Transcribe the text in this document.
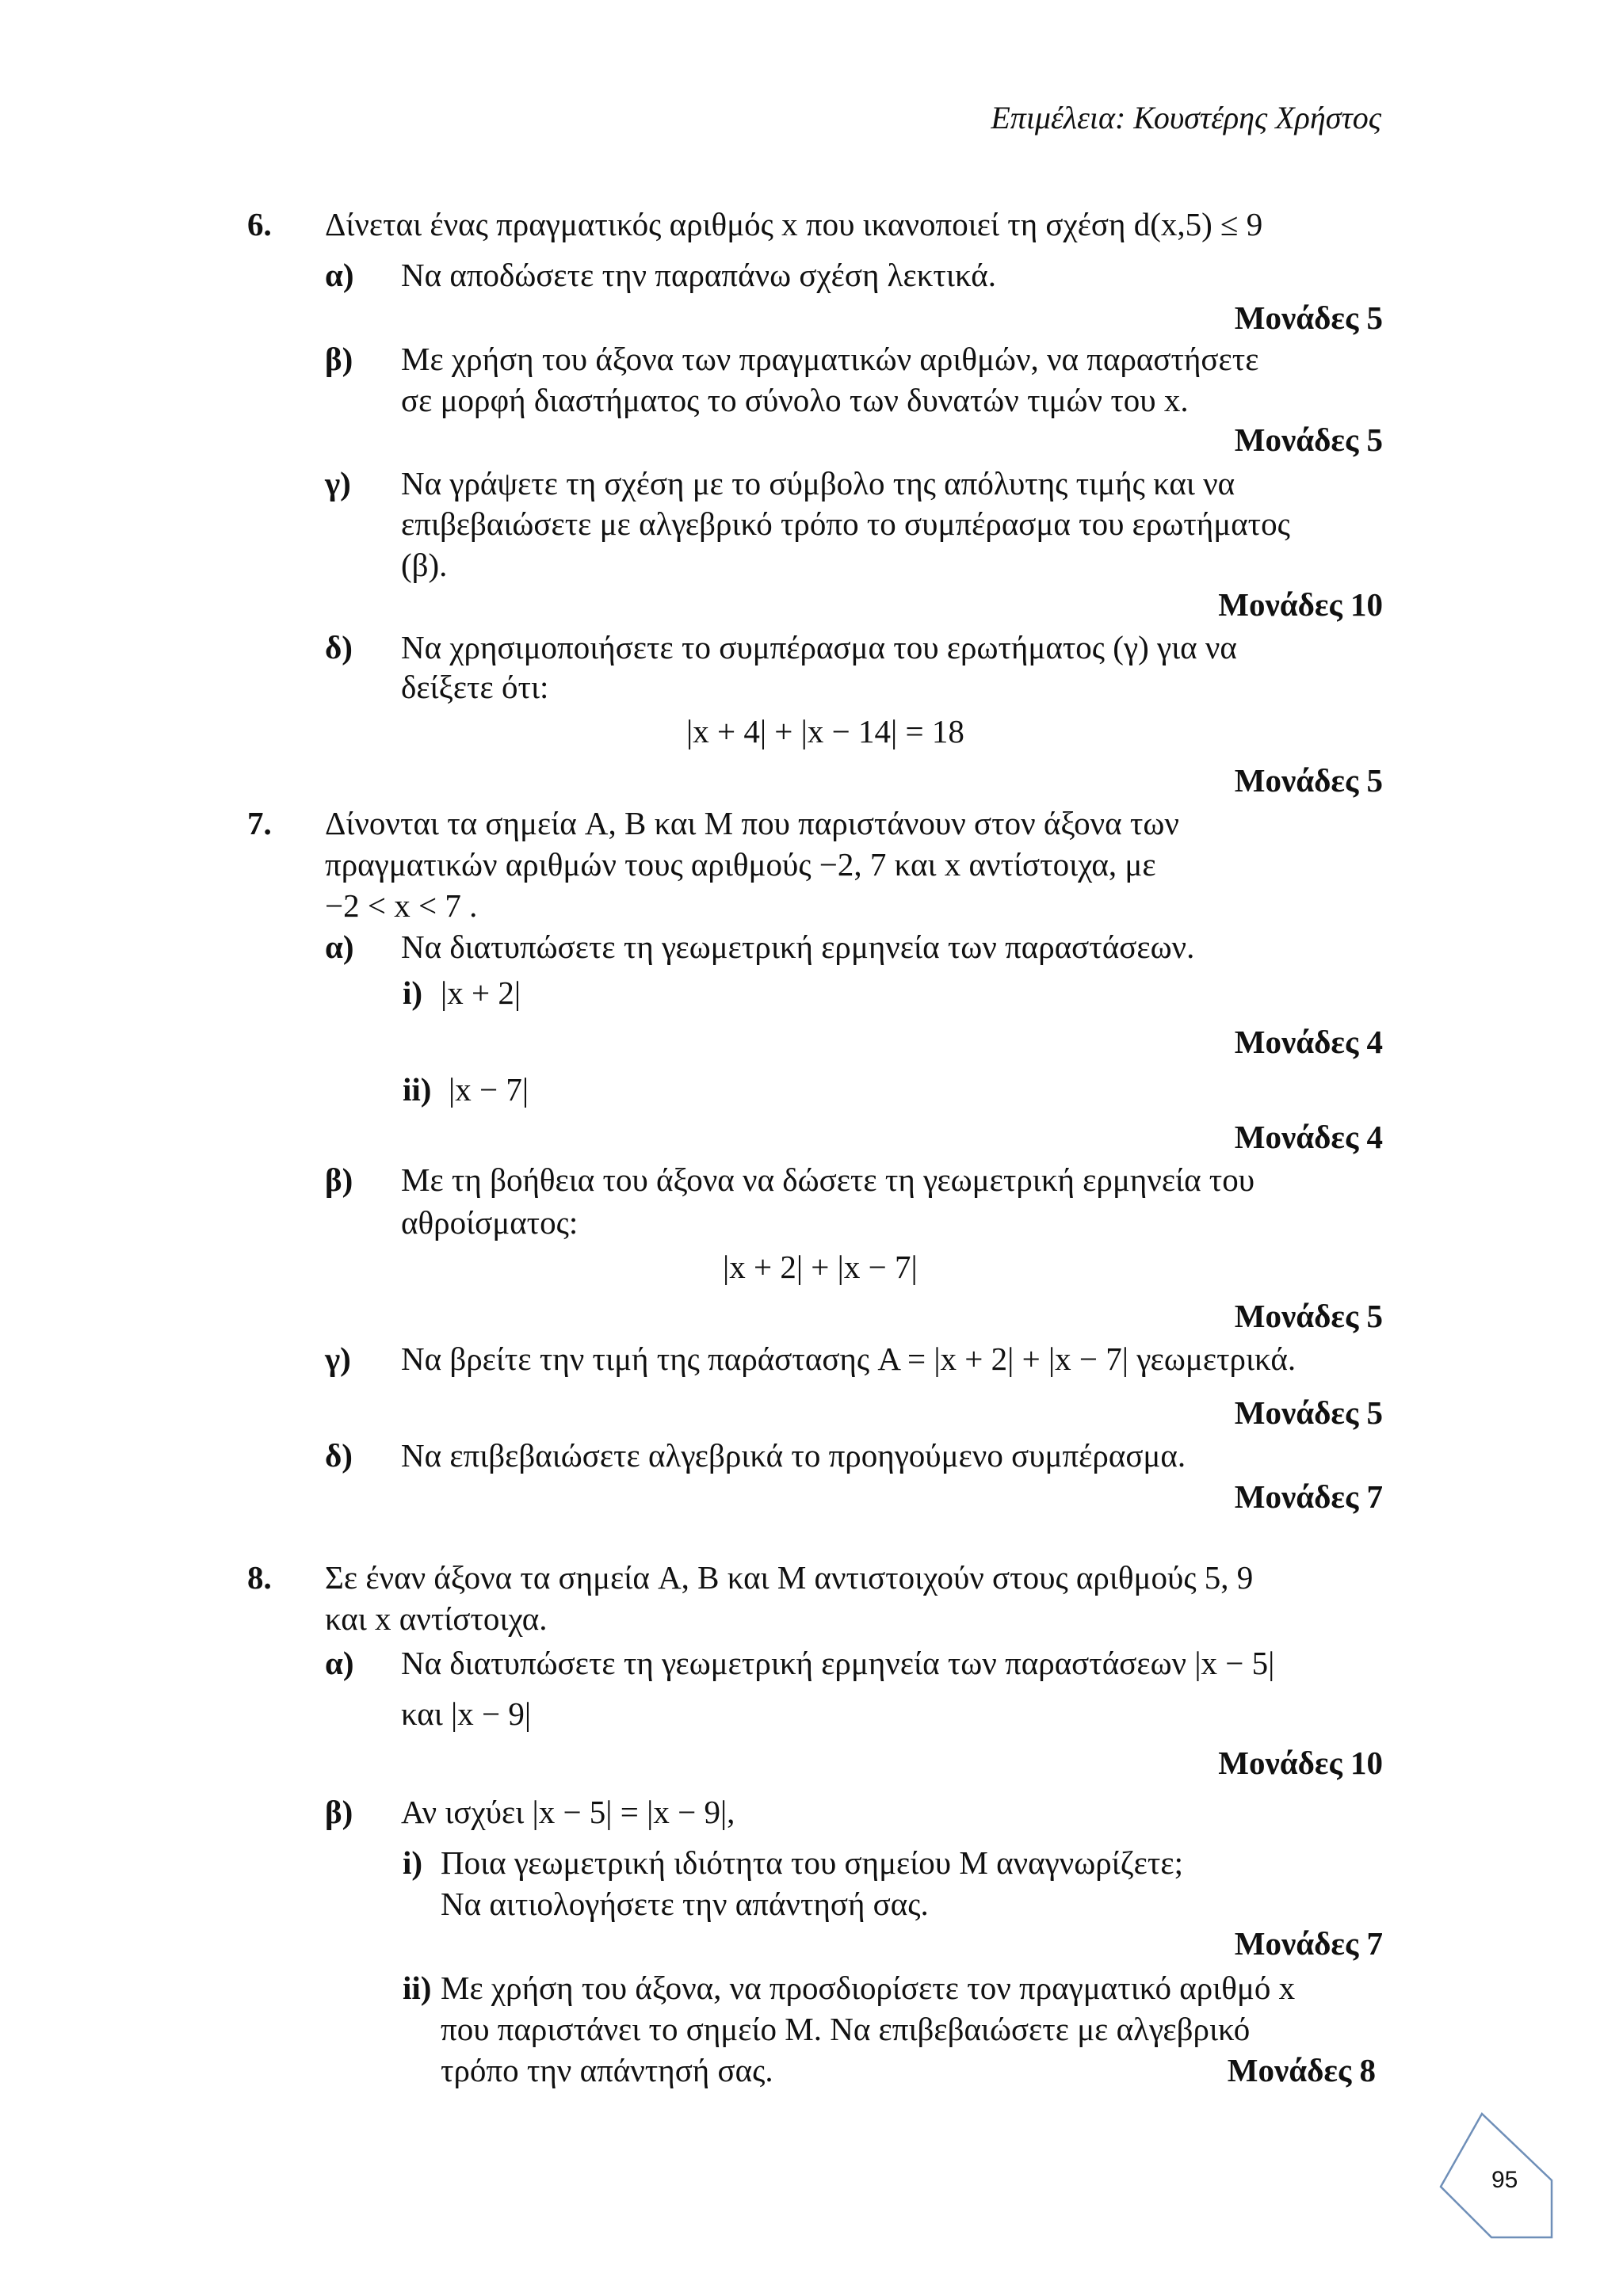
Επιμέλεια: Κουστέρης Χρήστος
6. Δίνεται ένας πραγματικός αριθμός x που ικανοποιεί τη σχέση d(x,5) ≤ 9
α) Να αποδώσετε την παραπάνω σχέση λεκτικά.
Μονάδες 5
β) Με χρήση του άξονα των πραγματικών αριθμών, να παραστήσετε
σε μορφή διαστήματος το σύνολο των δυνατών τιμών του x.
Μονάδες 5
γ) Να γράψετε τη σχέση με το σύμβολο της απόλυτης τιμής και να
επιβεβαιώσετε με αλγεβρικό τρόπο το συμπέρασμα του ερωτήματος
(β).
Μονάδες 10
δ) Να χρησιμοποιήσετε το συμπέρασμα του ερωτήματος (γ) για να
δείξετε ότι:
|x + 4| + |x − 14| = 18
Μονάδες 5
7. Δίνονται τα σημεία A, B και M που παριστάνουν στον άξονα των
πραγματικών αριθμών τους αριθμούς −2, 7 και x αντίστοιχα, με
−2 < x < 7 .
α) Να διατυπώσετε τη γεωμετρική ερμηνεία των παραστάσεων.
i) |x + 2|
Μονάδες 4
ii) |x − 7|
Μονάδες 4
β) Με τη βοήθεια του άξονα να δώσετε τη γεωμετρική ερμηνεία του
αθροίσματος:
|x + 2| + |x − 7|
Μονάδες 5
γ) Να βρείτε την τιμή της παράστασης A = |x + 2| + |x − 7| γεωμετρικά.
Μονάδες 5
δ) Να επιβεβαιώσετε αλγεβρικά το προηγούμενο συμπέρασμα.
Μονάδες 7
8. Σε έναν άξονα τα σημεία A, B και M αντιστοιχούν στους αριθμούς 5, 9
και x αντίστοιχα.
α) Να διατυπώσετε τη γεωμετρική ερμηνεία των παραστάσεων |x − 5|
και |x − 9|
Μονάδες 10
β) Αν ισχύει |x − 5| = |x − 9|,
i) Ποια γεωμετρική ιδιότητα του σημείου M αναγνωρίζετε;
Να αιτιολογήσετε την απάντησή σας.
Μονάδες 7
ii) Με χρήση του άξονα, να προσδιορίσετε τον πραγματικό αριθμό x
που παριστάνει το σημείο M. Να επιβεβαιώσετε με αλγεβρικό
τρόπο την απάντησή σας.	Μονάδες 8
95
